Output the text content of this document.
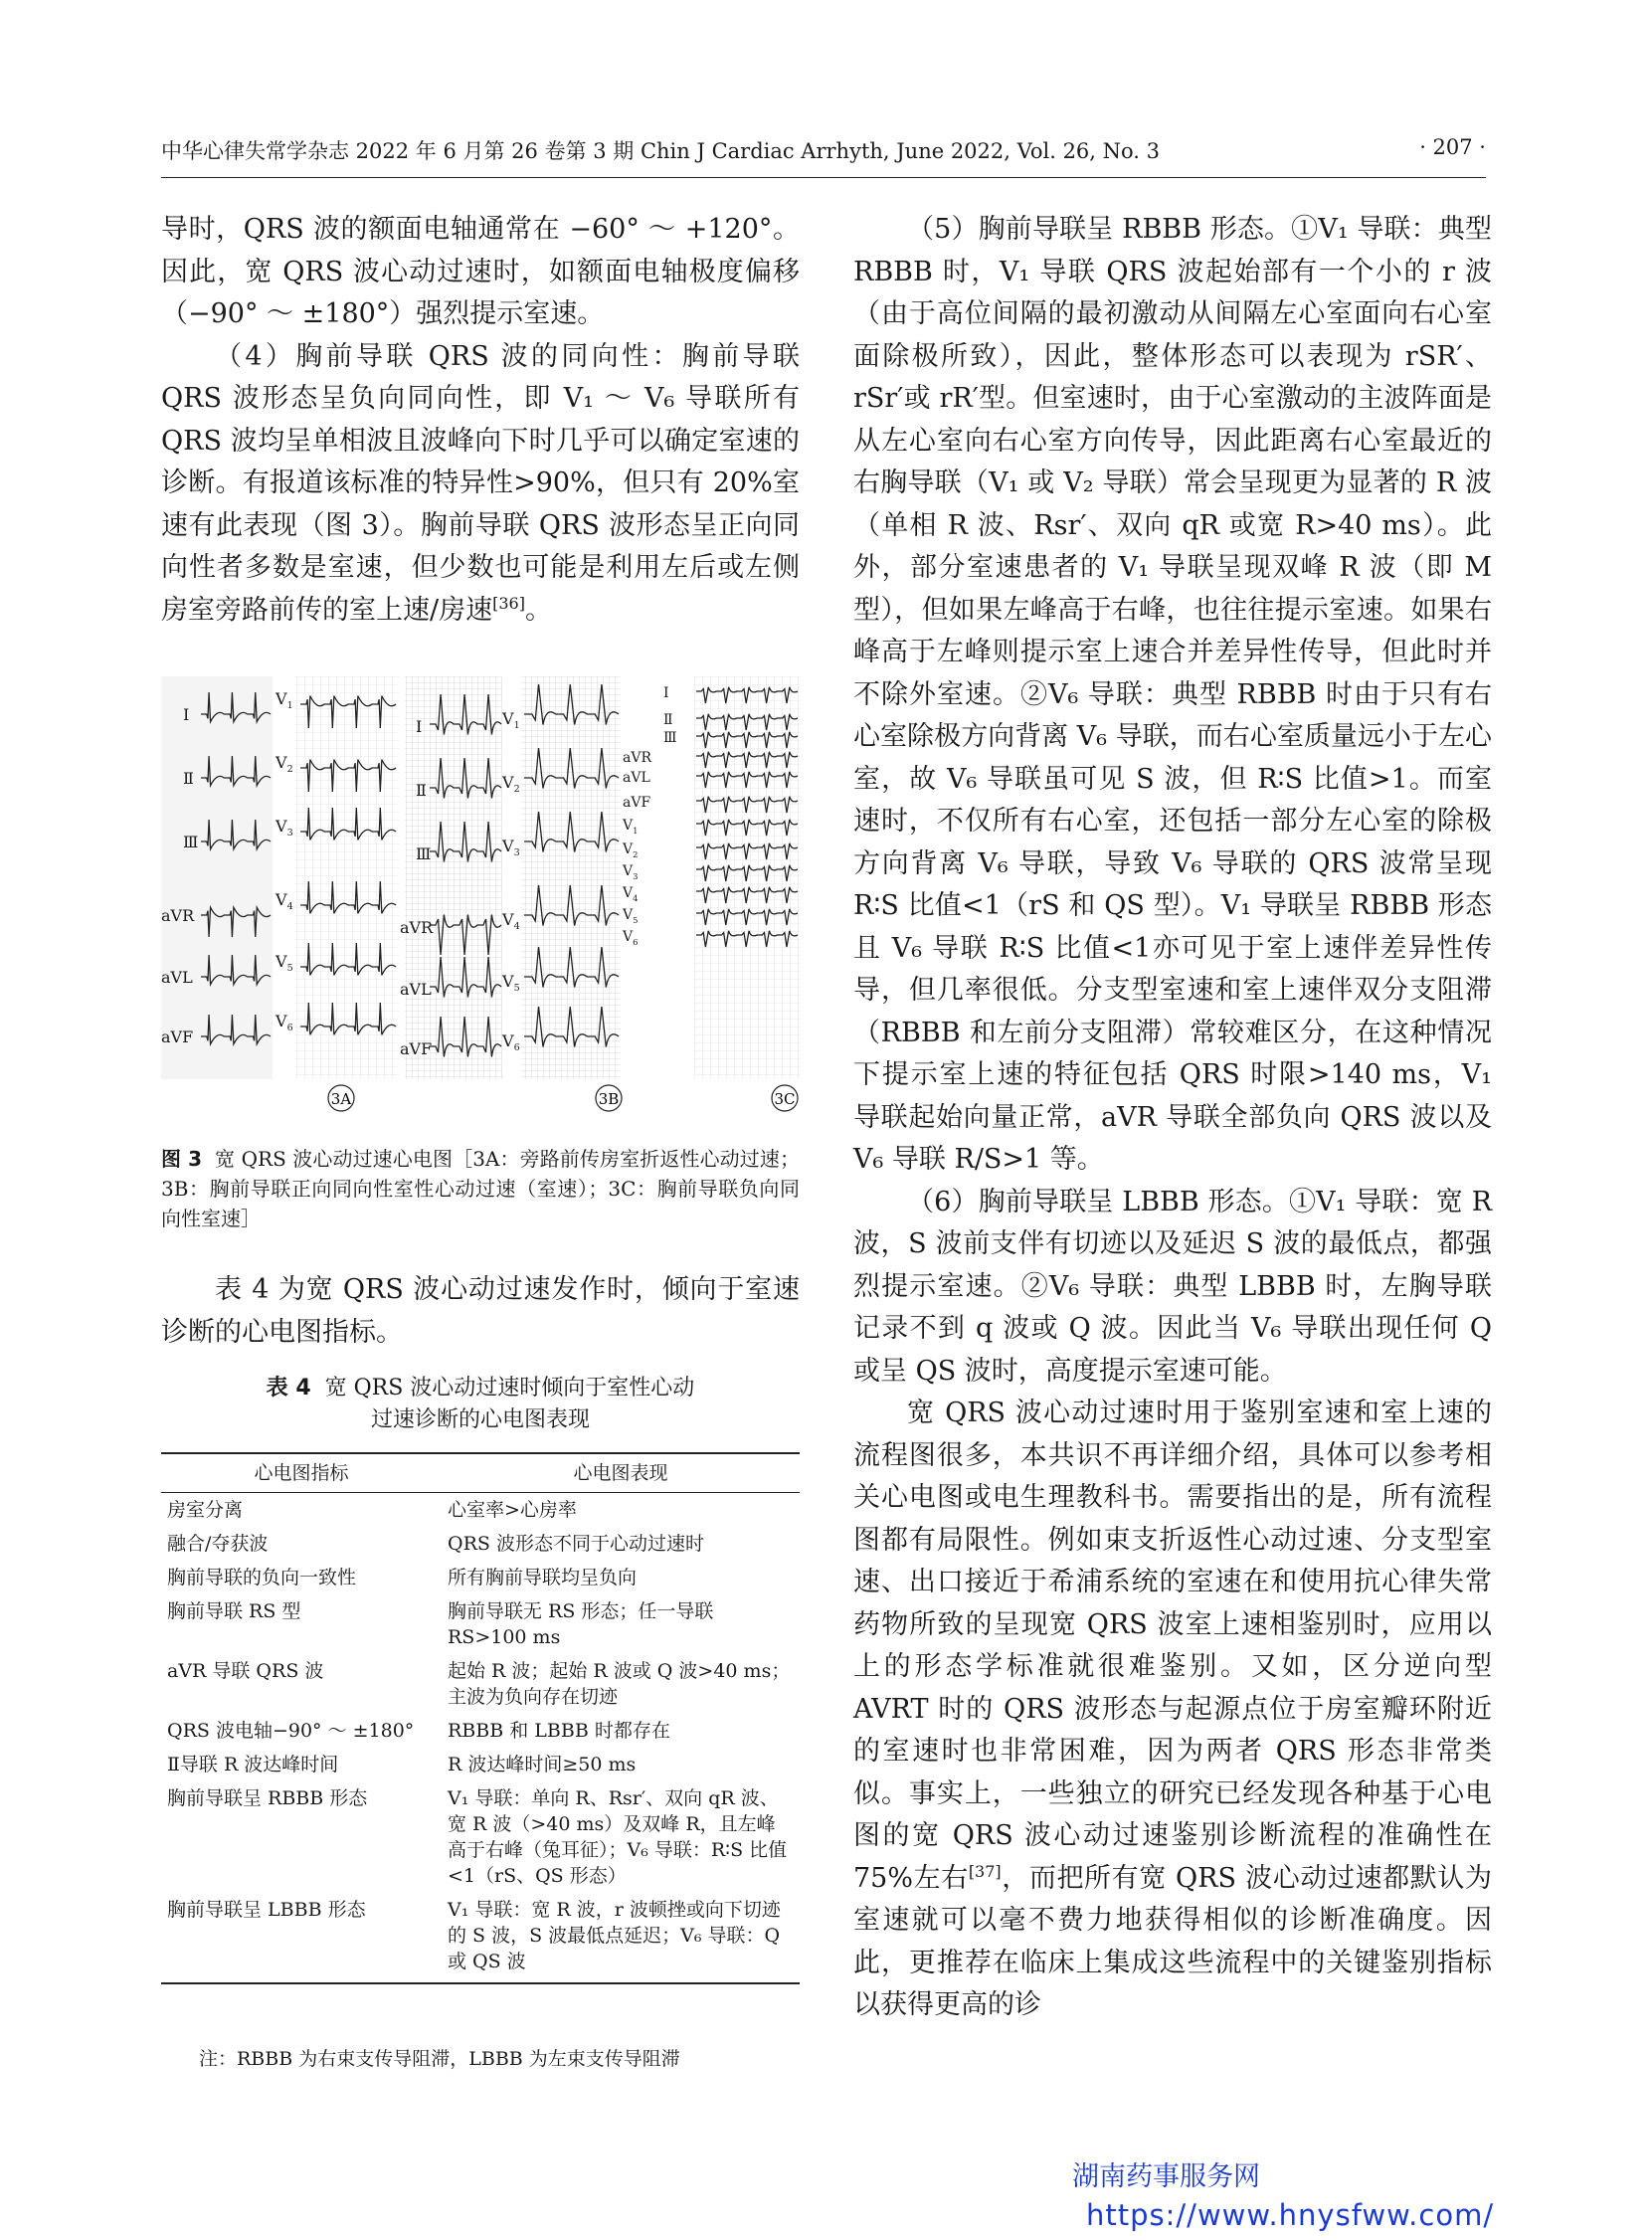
中华心律失常学杂志 2022 年 6 月第 26 卷第 3 期 Chin J Cardiac Arrhyth, June 2022, Vol. 26, No. 3	· 207 ·

导时，QRS 波的额面电轴通常在 −60° ～ +120°。因此，宽 QRS 波心动过速时，如额面电轴极度偏移（−90° ～ ±180°）强烈提示室速。

（4）胸前导联 QRS 波的同向性：胸前导联 QRS 波形态呈负向同向性，即 V₁ ～ V₆ 导联所有 QRS 波均呈单相波且波峰向下时几乎可以确定室速的诊断。有报道该标准的特异性>90%，但只有 20%室速有此表现（图 3）。胸前导联 QRS 波形态呈正向同向性者多数是室速，但少数也可能是利用左后或左侧房室旁路前传的室上速/房速[36]。

I
Ⅱ
Ⅲ
aVR
aVL
aVF
$V_1$
$V_2$
$V_3$
$V_4$
$V_5$
$V_6$
I
Ⅱ
Ⅲ
aVR
aVL
aVF
$V_1$
$V_2$
$V_3$
$V_4$
$V_5$
$V_6$
I
Ⅱ
Ⅲ
aVR
aVL
aVF
$V_1$
$V_2$
$V_3$
$V_4$
$V_5$
$V_6$
3A	3B	3C

图 3 宽 QRS 波心动过速心电图［3A：旁路前传房室折返性心动过速；3B：胸前导联正向同向性室性心动过速（室速）；3C：胸前导联负向同向性室速］

表 4 为宽 QRS 波心动过速发作时，倾向于室速诊断的心电图指标。

表 4 宽 QRS 波心动过速时倾向于室性心动
过速诊断的心电图表现
心电图指标	心电图表现
房室分离	心室率>心房率
融合/夺获波	QRS 波形态不同于心动过速时
胸前导联的负向一致性	所有胸前导联均呈负向
胸前导联 RS 型	胸前导联无 RS 形态；任一导联 RS>100 ms
aVR 导联 QRS 波	起始 R 波；起始 R 波或 Q 波>40 ms；主波为负向存在切迹
QRS 波电轴−90° ～ ±180°	RBBB 和 LBBB 时都存在
Ⅱ导联 R 波达峰时间	R 波达峰时间≥50 ms
胸前导联呈 RBBB 形态	V₁ 导联：单向 R、Rsr′、双向 qR 波、宽 R 波（>40 ms）及双峰 R，且左峰高于右峰（兔耳征）；V₆ 导联：R∶S 比值<1（rS、QS 形态）
胸前导联呈 LBBB 形态	V₁ 导联：宽 R 波，r 波顿挫或向下切迹的 S 波，S 波最低点延迟；V₆ 导联：Q 或 QS 波
注：RBBB 为右束支传导阻滞，LBBB 为左束支传导阻滞

（5）胸前导联呈 RBBB 形态。①V₁ 导联：典型 RBBB 时，V₁ 导联 QRS 波起始部有一个小的 r 波（由于高位间隔的最初激动从间隔左心室面向右心室面除极所致），因此，整体形态可以表现为 rSR′、rSr′或 rR′型。但室速时，由于心室激动的主波阵面是从左心室向右心室方向传导，因此距离右心室最近的右胸导联（V₁ 或 V₂ 导联）常会呈现更为显著的 R 波（单相 R 波、Rsr′、双向 qR 或宽 R>40 ms）。此外，部分室速患者的 V₁ 导联呈现双峰 R 波（即 M 型），但如果左峰高于右峰，也往往提示室速。如果右峰高于左峰则提示室上速合并差异性传导，但此时并不除外室速。②V₆ 导联：典型 RBBB 时由于只有右心室除极方向背离 V₆ 导联，而右心室质量远小于左心室，故 V₆ 导联虽可见 S 波，但 R∶S 比值>1。而室速时，不仅所有右心室，还包括一部分左心室的除极方向背离 V₆ 导联，导致 V₆ 导联的 QRS 波常呈现 R∶S 比值<1（rS 和 QS 型）。V₁ 导联呈 RBBB 形态且 V₆ 导联 R∶S 比值<1亦可见于室上速伴差异性传导，但几率很低。分支型室速和室上速伴双分支阻滞（RBBB 和左前分支阻滞）常较难区分，在这种情况下提示室上速的特征包括 QRS 时限>140 ms，V₁ 导联起始向量正常，aVR 导联全部负向 QRS 波以及 V₆ 导联 R/S>1 等。

（6）胸前导联呈 LBBB 形态。①V₁ 导联：宽 R 波，S 波前支伴有切迹以及延迟 S 波的最低点，都强烈提示室速。②V₆ 导联：典型 LBBB 时，左胸导联记录不到 q 波或 Q 波。因此当 V₆ 导联出现任何 Q 或呈 QS 波时，高度提示室速可能。

宽 QRS 波心动过速时用于鉴别室速和室上速的流程图很多，本共识不再详细介绍，具体可以参考相关心电图或电生理教科书。需要指出的是，所有流程图都有局限性。例如束支折返性心动过速、分支型室速、出口接近于希浦系统的室速在和使用抗心律失常药物所致的呈现宽 QRS 波室上速相鉴别时，应用以上的形态学标准就很难鉴别。又如，区分逆向型 AVRT 时的 QRS 波形态与起源点位于房室瓣环附近的室速时也非常困难，因为两者 QRS 形态非常类似。事实上，一些独立的研究已经发现各种基于心电图的宽 QRS 波心动过速鉴别诊断流程的准确性在 75%左右[37]，而把所有宽 QRS 波心动过速都默认为室速就可以毫不费力地获得相似的诊断准确度。因此，更推荐在临床上集成这些流程中的关键鉴别指标以获得更高的诊

湖南药事服务网
https://www.hnysfww.com/
